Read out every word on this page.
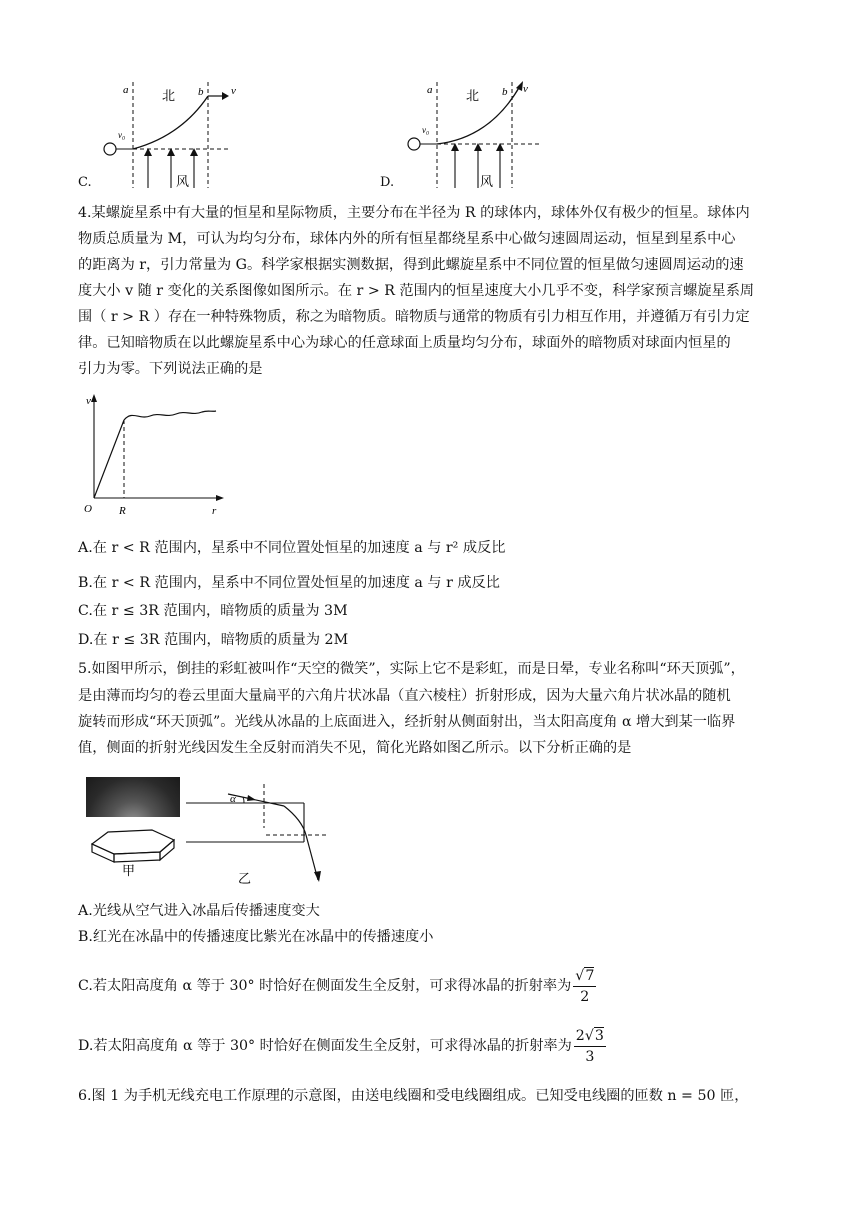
a	b	v
v₀
北
风
C.
a	b v
v₀
北
风
D.
4.某螺旋星系中有大量的恒星和星际物质，主要分布在半径为 R 的球体内，球体外仅有极少的恒星。球体内
物质总质量为 M，可认为均匀分布，球体内外的所有恒星都绕星系中心做匀速圆周运动，恒星到星系中心
的距离为 r，引力常量为 G。科学家根据实测数据，得到此螺旋星系中不同位置的恒星做匀速圆周运动的速
度大小 v 随 r 变化的关系图像如图所示。在 r > R 范围内的恒星速度大小几乎不变，科学家预言螺旋星系周
围（ r > R ）存在一种特殊物质，称之为暗物质。暗物质与通常的物质有引力相互作用，并遵循万有引力定
律。已知暗物质在以此螺旋星系中心为球心的任意球面上质量均匀分布，球面外的暗物质对球面内恒星的
引力为零。下列说法正确的是
v
r
O R
A.在 r < R 范围内，星系中不同位置处恒星的加速度 a 与 r² 成反比
B.在 r < R 范围内，星系中不同位置处恒星的加速度 a 与 r 成反比
C.在 r ≤ 3R 范围内，暗物质的质量为 3M
D.在 r ≤ 3R 范围内，暗物质的质量为 2M
5.如图甲所示，倒挂的彩虹被叫作“天空的微笑”，实际上它不是彩虹，而是日晕，专业名称叫“环天顶弧”，
是由薄而均匀的卷云里面大量扁平的六角片状冰晶（直六棱柱）折射形成，因为大量六角片状冰晶的随机
旋转而形成“环天顶弧”。光线从冰晶的上底面进入，经折射从侧面射出，当太阳高度角 α 增大到某一临界
值，侧面的折射光线因发生全反射而消失不见，简化光路如图乙所示。以下分析正确的是
甲
α
乙
A.光线从空气进入冰晶后传播速度变大
B.红光在冰晶中的传播速度比紫光在冰晶中的传播速度小
C.若太阳高度角 α 等于 30° 时恰好在侧面发生全反射，可求得冰晶的折射率为 $\frac{√7}{2}$
D.若太阳高度角 α 等于 30° 时恰好在侧面发生全反射，可求得冰晶的折射率为 $\frac{2√3}{3}$
6.图 1 为手机无线充电工作原理的示意图，由送电线圈和受电线圈组成。已知受电线圈的匝数 n = 50 匝，
